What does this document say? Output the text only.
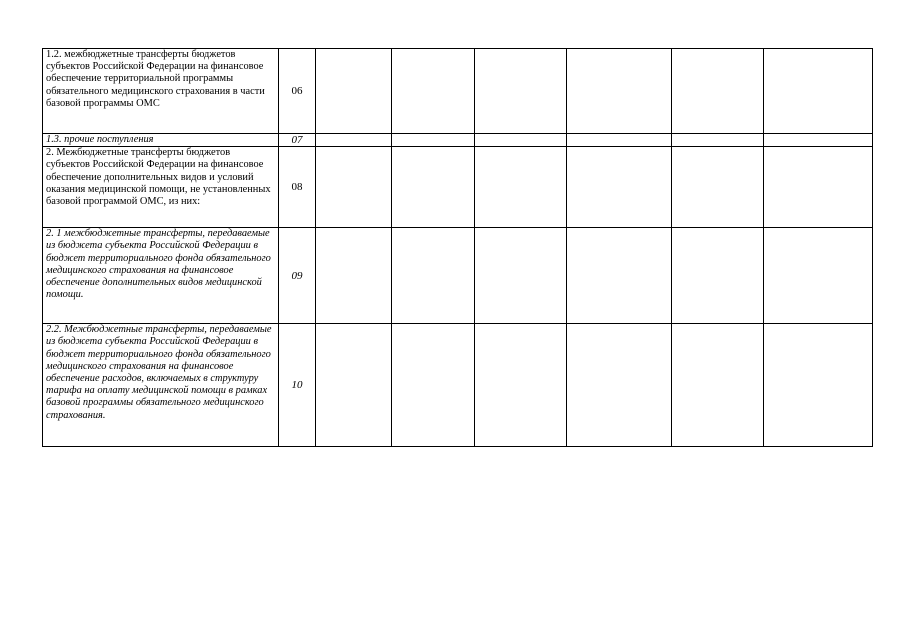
1.2. межбюджетные трансферты бюджетов субъектов Российской Федерации на финансовое обеспечение территориальной программы обязательного медицинского страхования в части базовой программы ОМС	06						
1.3. прочие поступления	07						
2. Межбюджетные трансферты бюджетов субъектов Российской Федерации на финансовое обеспечение дополнительных видов и условий оказания медицинской помощи, не установленных базовой программой ОМС, из них:	08						
2. 1 межбюджетные трансферты, передаваемые из бюджета субъекта Российской Федерации в бюджет территориального фонда обязательного медицинского страхования на финансовое обеспечение дополнительных видов медицинской помощи.	09						
2.2. Межбюджетные трансферты, передаваемые из бюджета субъекта Российской Федерации в бюджет территориального фонда обязательного медицинского страхования на финансовое обеспечение расходов, включаемых в структуру тарифа на оплату медицинской помощи в рамках базовой программы обязательного медицинского страхования.	10						
